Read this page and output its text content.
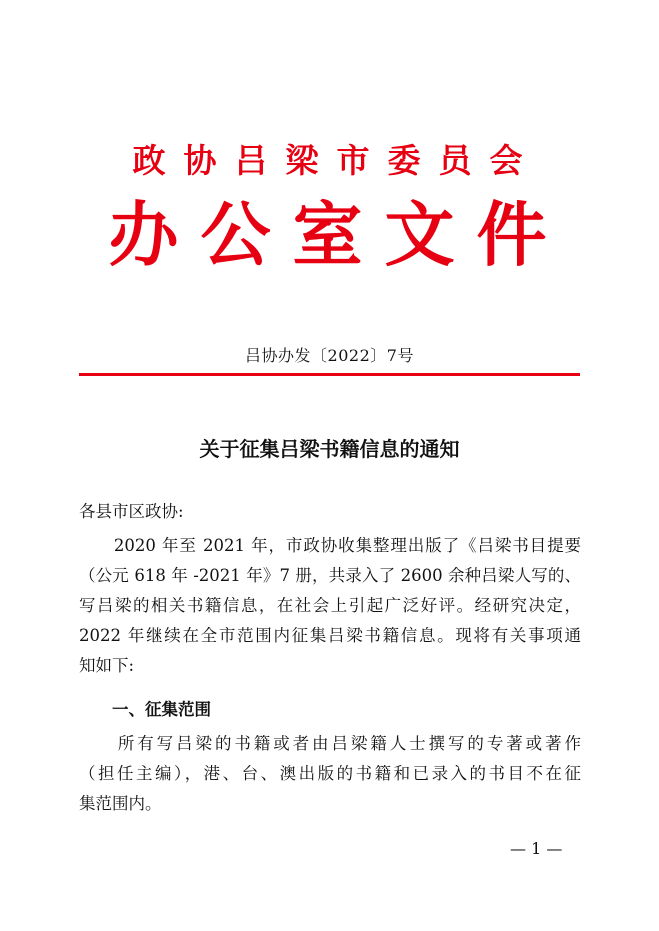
政协吕梁市委员会
办公室文件
吕协办发〔2022〕7号
关于征集吕梁书籍信息的通知
各县市区政协:
　　2020 年至 2021 年，市政协收集整理出版了《吕梁书目提要
（公元 618 年 -2021 年》7 册，共录入了 2600 余种吕梁人写的、
写吕梁的相关书籍信息，在社会上引起广泛好评。经研究决定，
2022 年继续在全市范围内征集吕梁书籍信息。现将有关事项通
知如下:
一、征集范围
　　所有写吕梁的书籍或者由吕梁籍人士撰写的专著或著作
（担任主编），港、台、澳出版的书籍和已录入的书目不在征
集范围内。
— 1 —
